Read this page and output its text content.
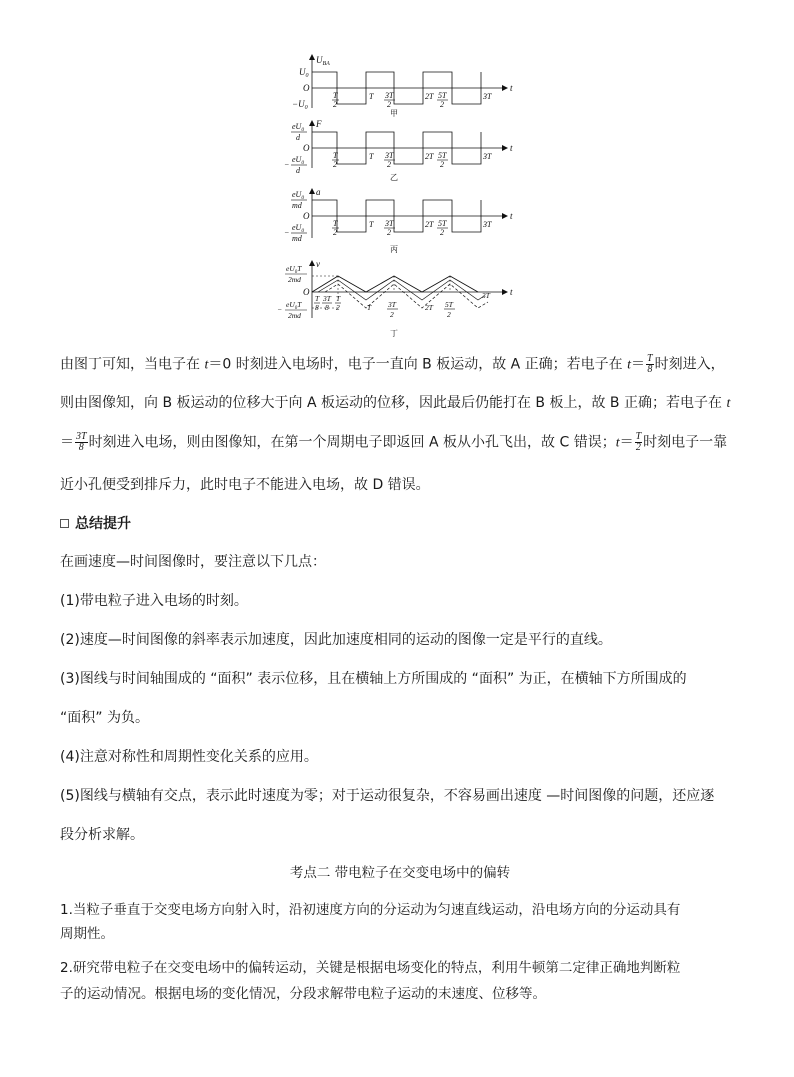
$U_{BA}$
$U_0$
O
$-U_0$
t
T
2
T 3T
2
2T 5T
2
3T
甲
F
$eU_0$
d
O
−
$eU_0$
d
t
T
2
T 3T
2
2T 5T
2
3T
乙
a
$eU_0$
md
O
−
$eU_0$
md
t
T
2
T 3T
2
2T 5T
2
3T
丙
v
$eU_0T$
2md
O
−
$eU_0T$
2md
t
T
8
3T
8
T
2	T 3T
2
2T 5T
2
3T
丁
由图丁可知，当电子在 t＝0 时刻进入电场时，电子一直向 B 板运动，故 A 正确；若电子在 $t= \frac{T}{8}$ 时刻进入，
则由图像知，向 B 板运动的位移大于向 A 板运动的位移，因此最后仍能打在 B 板上，故 B 正确；若电子在 t
＝ $\frac{3T}{8}$ 时刻进入电场，则由图像知，在第一个周期电子即返回 A 板从小孔飞出，故 C 错误；$t= \frac{T}{2}$ 时刻电子一靠
近小孔便受到排斥力，此时电子不能进入电场，故 D 错误。
总结提升
在画速度—时间图像时，要注意以下几点：
(1)带电粒子进入电场的时刻。
(2)速度—时间图像的斜率表示加速度，因此加速度相同的运动的图像一定是平行的直线。
(3)图线与时间轴围成的 “面积” 表示位移，且在横轴上方所围成的 “面积” 为正，在横轴下方所围成的
“面积” 为负。
(4)注意对称性和周期性变化关系的应用。
(5)图线与横轴有交点，表示此时速度为零；对于运动很复杂，不容易画出速度 —时间图像的问题，还应逐
段分析求解。
考点二 带电粒子在交变电场中的偏转
1.当粒子垂直于交变电场方向射入时，沿初速度方向的分运动为匀速直线运动，沿电场方向的分运动具有
周期性。
2.研究带电粒子在交变电场中的偏转运动，关键是根据电场变化的特点，利用牛顿第二定律正确地判断粒
子的运动情况。根据电场的变化情况，分段求解带电粒子运动的末速度、位移等。
